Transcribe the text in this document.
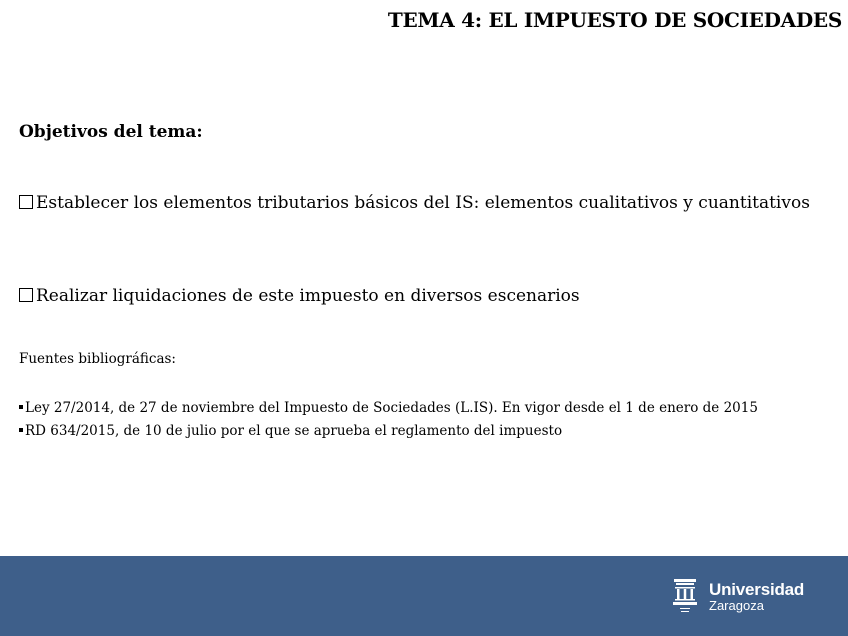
TEMA 4: EL IMPUESTO DE SOCIEDADES
Objetivos del tema:
Establecer los elementos tributarios básicos del IS: elementos cualitativos y cuantitativos
Realizar liquidaciones de este impuesto en diversos escenarios
Fuentes bibliográficas:
Ley 27/2014, de 27 de noviembre del Impuesto de Sociedades (L.IS). En vigor desde el 1 de enero de 2015
RD 634/2015, de 10 de julio por el que se aprueba el reglamento del impuesto
Universidad
Zaragoza
